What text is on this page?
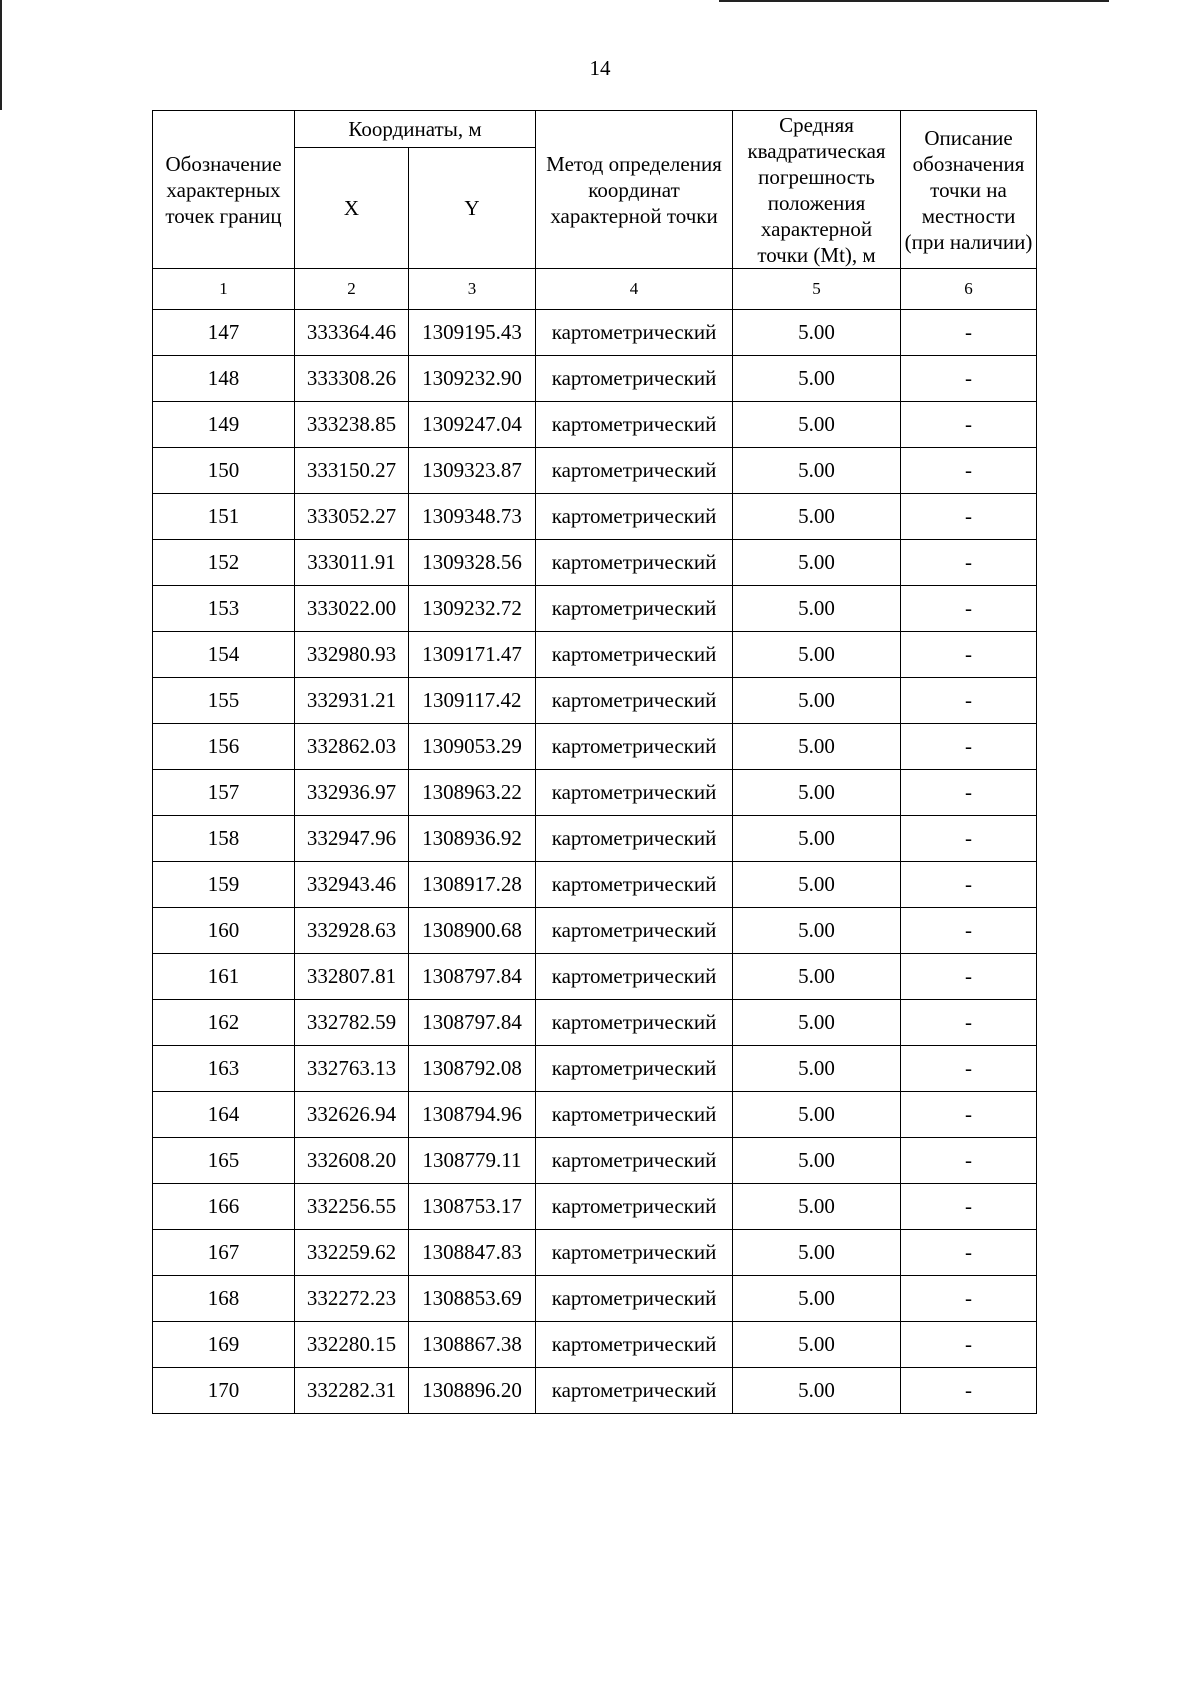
14
Обозначение характерных точек границ	Координаты, м		Метод определения координат характерной точки	Средняя квадратическая погрешность положения характерной точки (Mt), м	Описание обозначения точки на местности (при наличии)
	X	Y			
1	2	3	4	5	6
147	333364.46	1309195.43	картометрический	5.00	-
148	333308.26	1309232.90	картометрический	5.00	-
149	333238.85	1309247.04	картометрический	5.00	-
150	333150.27	1309323.87	картометрический	5.00	-
151	333052.27	1309348.73	картометрический	5.00	-
152	333011.91	1309328.56	картометрический	5.00	-
153	333022.00	1309232.72	картометрический	5.00	-
154	332980.93	1309171.47	картометрический	5.00	-
155	332931.21	1309117.42	картометрический	5.00	-
156	332862.03	1309053.29	картометрический	5.00	-
157	332936.97	1308963.22	картометрический	5.00	-
158	332947.96	1308936.92	картометрический	5.00	-
159	332943.46	1308917.28	картометрический	5.00	-
160	332928.63	1308900.68	картометрический	5.00	-
161	332807.81	1308797.84	картометрический	5.00	-
162	332782.59	1308797.84	картометрический	5.00	-
163	332763.13	1308792.08	картометрический	5.00	-
164	332626.94	1308794.96	картометрический	5.00	-
165	332608.20	1308779.11	картометрический	5.00	-
166	332256.55	1308753.17	картометрический	5.00	-
167	332259.62	1308847.83	картометрический	5.00	-
168	332272.23	1308853.69	картометрический	5.00	-
169	332280.15	1308867.38	картометрический	5.00	-
170	332282.31	1308896.20	картометрический	5.00	-
